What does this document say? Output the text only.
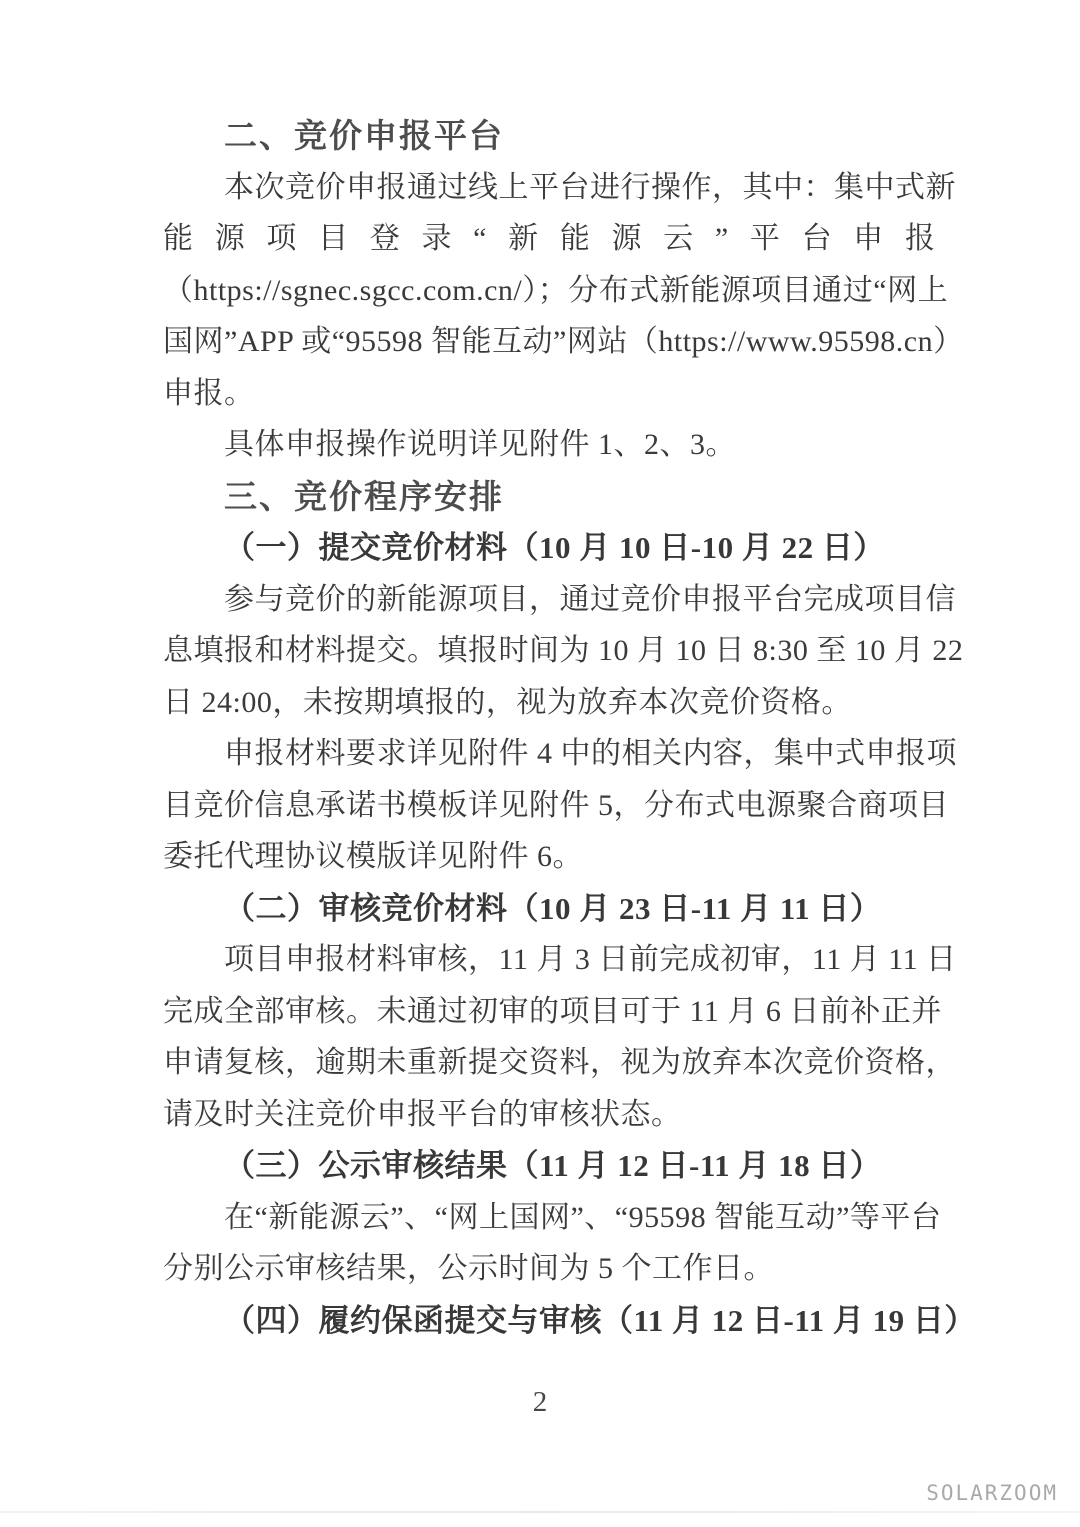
二、竞价申报平台
本次竞价申报通过线上平台进行操作，其中：集中式新
能源项目登录“新能源云”平台申报
（https://sgnec.sgcc.com.cn/）；分布式新能源项目通过“网上
国网”APP 或“95598 智能互动”网站（https://www.95598.cn）
申报。
具体申报操作说明详见附件 1、2、3。
三、竞价程序安排
（一）提交竞价材料（10 月 10 日-10 月 22 日）
参与竞价的新能源项目，通过竞价申报平台完成项目信
息填报和材料提交。填报时间为 10 月 10 日 8:30 至 10 月 22
日 24:00，未按期填报的，视为放弃本次竞价资格。
申报材料要求详见附件 4 中的相关内容，集中式申报项
目竞价信息承诺书模板详见附件 5，分布式电源聚合商项目
委托代理协议模版详见附件 6。
（二）审核竞价材料（10 月 23 日-11 月 11 日）
项目申报材料审核，11 月 3 日前完成初审，11 月 11 日
完成全部审核。未通过初审的项目可于 11 月 6 日前补正并
申请复核，逾期未重新提交资料，视为放弃本次竞价资格，
请及时关注竞价申报平台的审核状态。
（三）公示审核结果（11 月 12 日-11 月 18 日）
在“新能源云”、“网上国网”、“95598 智能互动”等平台
分别公示审核结果，公示时间为 5 个工作日。
（四）履约保函提交与审核（11 月 12 日-11 月 19 日）
2
SOLARZOOM
